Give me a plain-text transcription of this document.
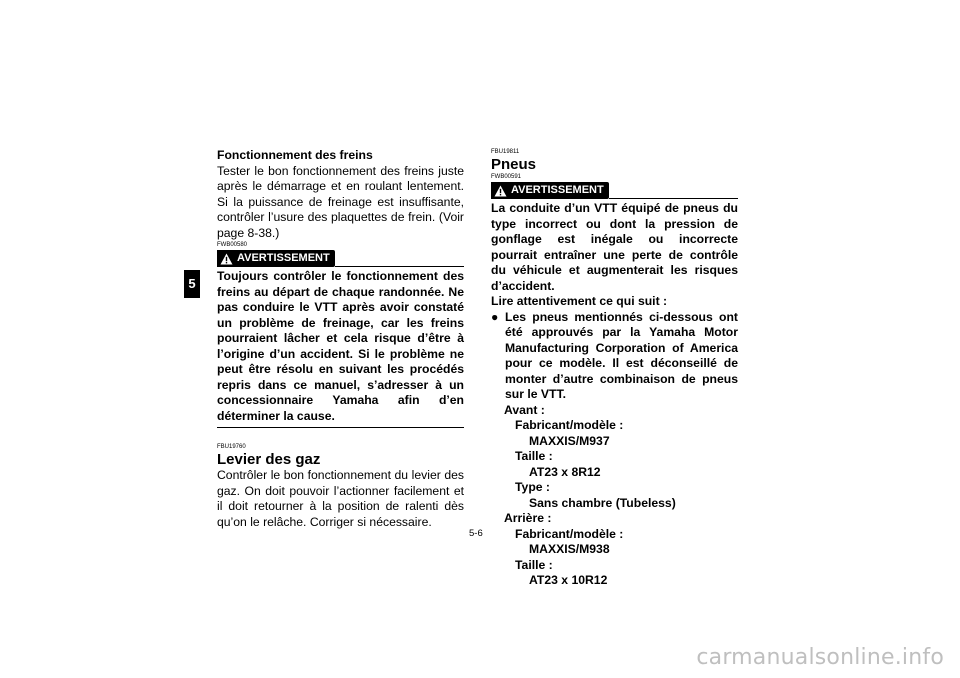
5
Fonctionnement des freins
Tester le bon fonctionnement des freins juste après le démarrage et en roulant lentement. Si la puissance de freinage est insuffisante, contrôler l’usure des plaquettes de frein. (Voir page 8-38.)
FWB00580
AVERTISSEMENT
Toujours contrôler le fonctionnement des freins au départ de chaque randonnée. Ne pas conduire le VTT après avoir constaté un problème de freinage, car les freins pourraient lâcher et cela risque d’être à l’origine d’un accident. Si le problème ne peut être résolu en suivant les procédés repris dans ce manuel, s’adresser à un concessionnaire Yamaha afin d’en déterminer la cause.
FBU19760
Levier des gaz
Contrôler le bon fonctionnement du levier des gaz. On doit pouvoir l’actionner facilement et il doit retourner à la position de ralenti dès qu’on le relâche. Corriger si nécessaire.
FBU19811
Pneus
FWB00591
AVERTISSEMENT
La conduite d’un VTT équipé de pneus du type incorrect ou dont la pression de gonflage est inégale ou incorrecte pourrait entraîner une perte de contrôle du véhicule et augmenterait les risques d’accident.
Lire attentivement ce qui suit :
● Les pneus mentionnés ci-dessous ont été approuvés par la Yamaha Motor Manufacturing Corporation of America pour ce modèle. Il est déconseillé de monter d’autre combinaison de pneus sur le VTT.
Avant :
Fabricant/modèle :
MAXXIS/M937
Taille :
AT23 x 8R12
Type :
Sans chambre (Tubeless)
Arrière :
Fabricant/modèle :
MAXXIS/M938
Taille :
AT23 x 10R12
5-6
carmanualsonline.info
